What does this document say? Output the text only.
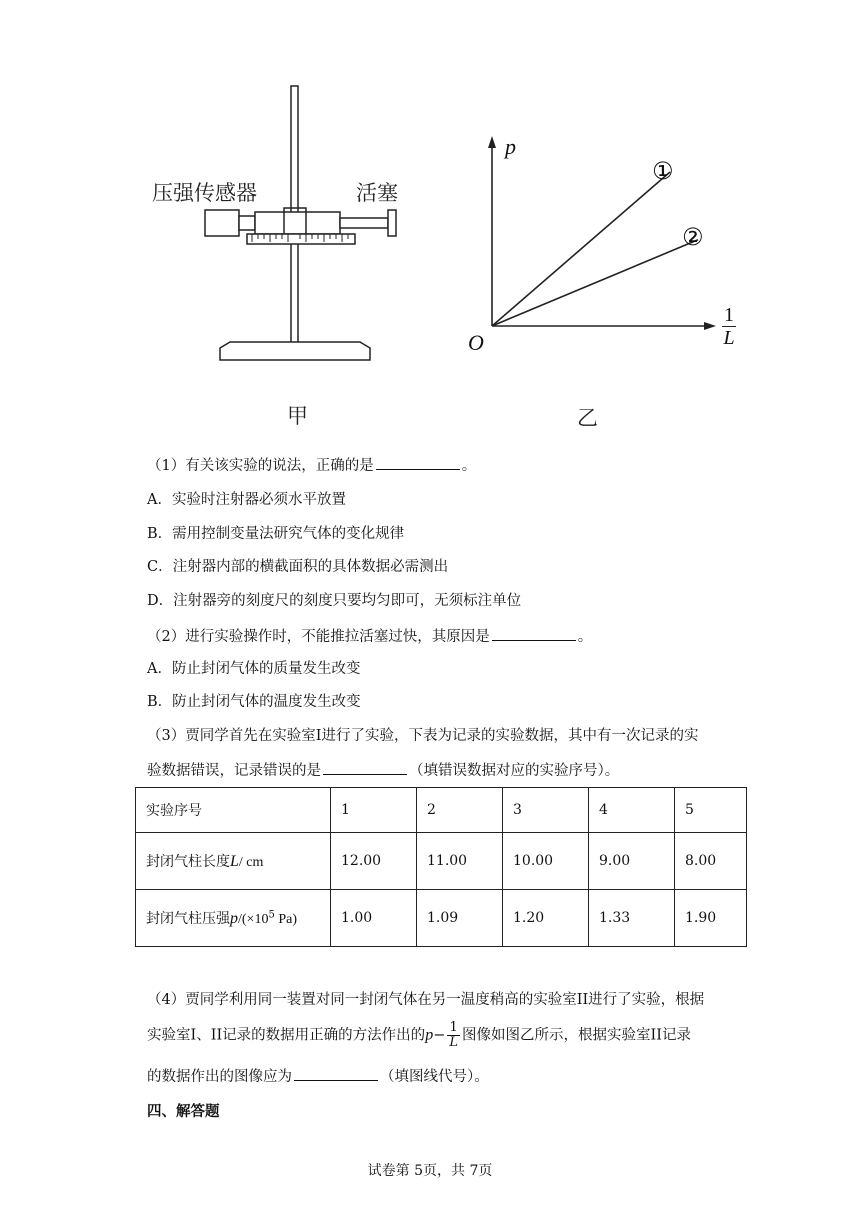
压强传感器	活塞
甲
p
O	$\frac{1}{L}$
①
②
乙
（1）有关该实验的说法，正确的是	。
A．实验时注射器必须水平放置
B．需用控制变量法研究气体的变化规律
C．注射器内部的横截面积的具体数据必需测出
D．注射器旁的刻度尺的刻度只要均匀即可，无须标注单位
（2）进行实验操作时，不能推拉活塞过快，其原因是	。
A．防止封闭气体的质量发生改变
B．防止封闭气体的温度发生改变
（3）贾同学首先在实验室I进行了实验，下表为记录的实验数据，其中有一次记录的实
验数据错误，记录错误的是	（填错误数据对应的实验序号）。
实验序号	1	2	3	4	5
封闭气柱长度L/ cm	12.00	11.00	10.00	9.00	8.00
封闭气柱压强$p/(\times 10^5$ Pa)	1.00	1.09	1.20	1.33	1.90
（4）贾同学利用同一装置对同一封闭气体在另一温度稍高的实验室II进行了实验，根据
实验室I、II记录的数据用正确的方法作出的$p- \frac{1}{L}$ 图像如图乙所示，根据实验室II记录
的数据作出的图像应为	（填图线代号）。
四、解答题
试卷第 5页，共 7页
